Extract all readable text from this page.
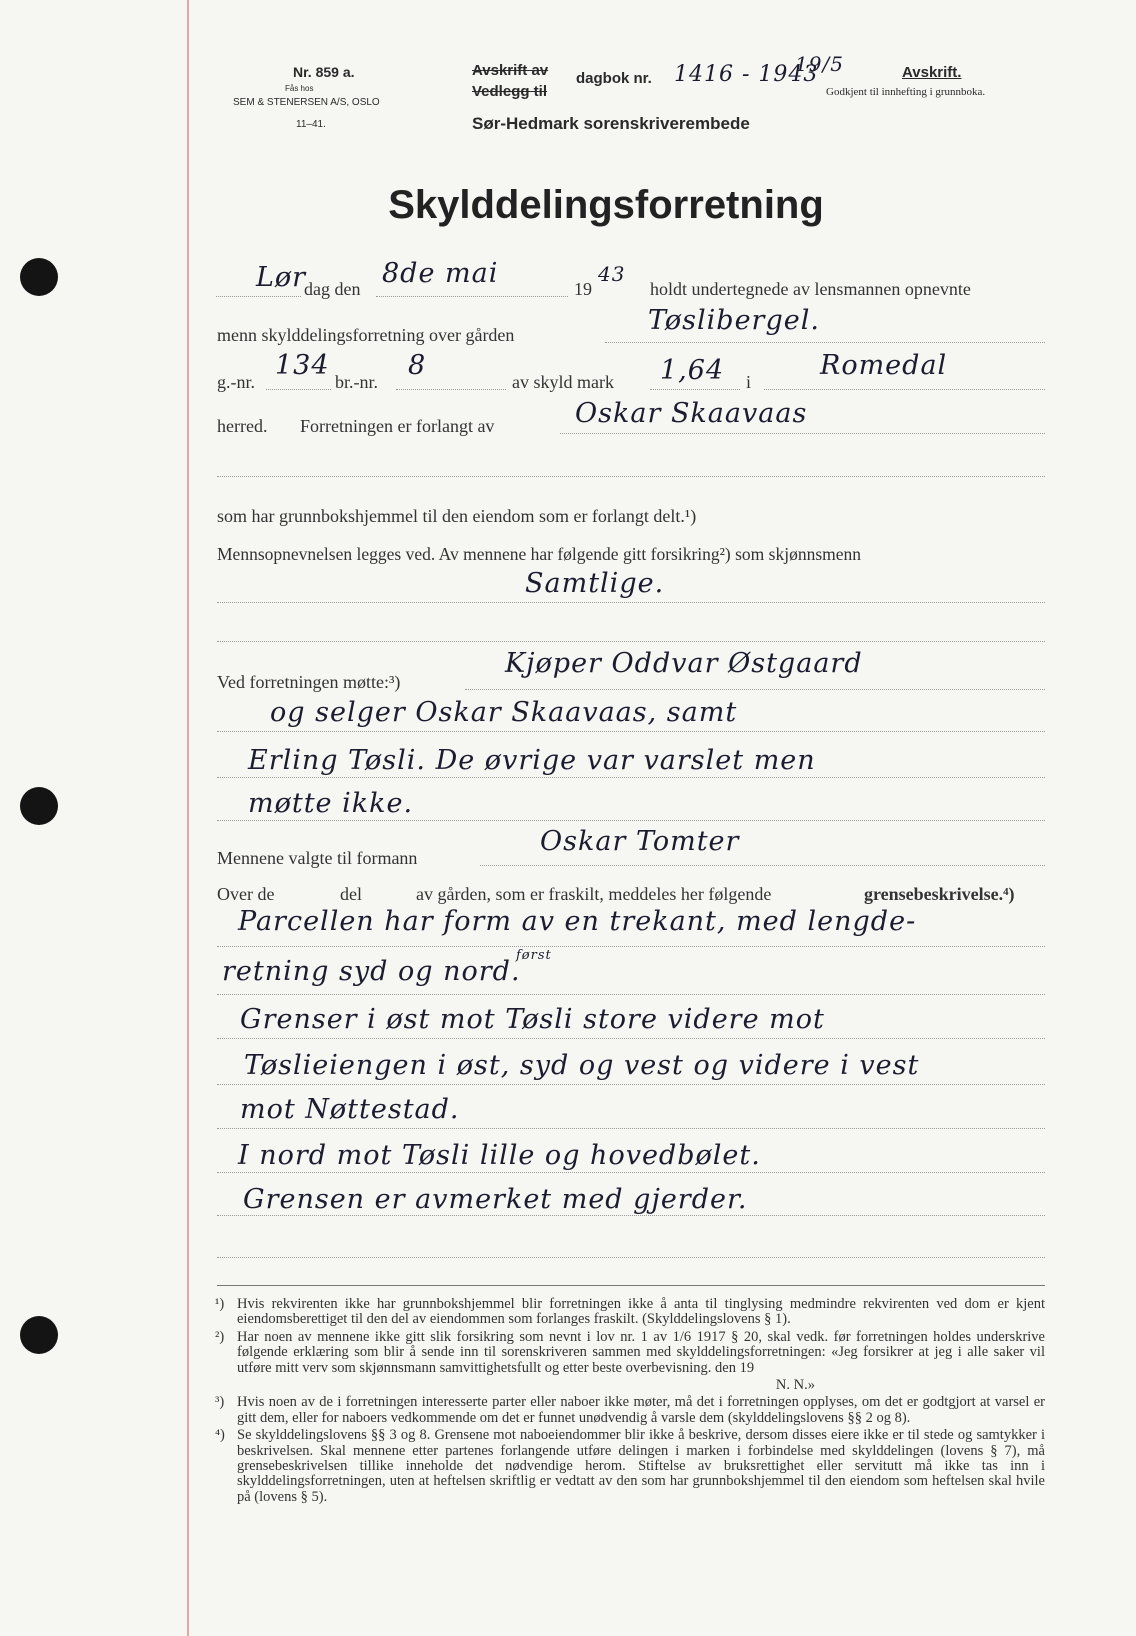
Nr. 859 a.
Fås hos
SEM & STENERSEN A/S, OSLO
11–41.
Avskrift av
Vedlegg til
dagbok nr. 1416 - 1943
19/5
Sør-Hedmark sorenskriverembede
Avskrift.
Godkjent til innhefting i grunnboka.
Skylddelingsforretning
Lør
dag den 8de mai	19
43
holdt undertegnede av lensmannen opnevnte
menn skylddelingsforretning over gården	Tøslibergel.
g.-nr.
134
br.-nr.
8
av skyld mark 1,64 i
Romedal
herred. Forretningen er forlangt av	Oskar Skaavaas
som har grunnbokshjemmel til den eiendom som er forlangt delt.¹)
Mennsopnevnelsen legges ved. Av mennene har følgende gitt forsikring²) som skjønnsmenn
Samtlige.
Kjøper Oddvar Østgaard
Ved forretningen møtte:³)
og selger Oskar Skaavaas, samt
Erling Tøsli. De øvrige var varslet men
møtte ikke.
Mennene valgte til formann
Oskar Tomter
Over de	del	av gården, som er fraskilt, meddeles her følgende	grensebeskrivelse.⁴)
Parcellen har form av en trekant, med lengde-
retning syd og nord.
først
Grenser i øst mot Tøsli store videre mot
Tøslieiengen i øst, syd og vest og videre i vest
mot Nøttestad.
I nord mot Tøsli lille og hovedbølet.
Grensen er avmerket med gjerder.
¹) Hvis rekvirenten ikke har grunnbokshjemmel blir forretningen ikke å anta til tinglysing medmindre rekvirenten ved dom er kjent eiendomsberettiget til den del av eiendommen som forlanges fraskilt. (Skylddelingslovens § 1).
²) Har noen av mennene ikke gitt slik forsikring som nevnt i lov nr. 1 av 1/6 1917 § 20, skal vedk. før forretningen holdes underskrive følgende erklæring som blir å sende inn til sorenskriveren sammen med skylddelingsforretningen: «Jeg forsikrer at jeg i alle saker vil utføre mitt verv som skjønnsmann samvittighetsfullt og etter beste overbevisning. den 19
N. N.»
³) Hvis noen av de i forretningen interesserte parter eller naboer ikke møter, må det i forretningen opplyses, om det er godtgjort at varsel er gitt dem, eller for naboers vedkommende om det er funnet unødvendig å varsle dem (skylddelingslovens §§ 2 og 8).
⁴) Se skylddelingslovens §§ 3 og 8. Grensene mot naboeiendommer blir ikke å beskrive, dersom disses eiere ikke er til stede og samtykker i beskrivelsen. Skal mennene etter partenes forlangende utføre delingen i marken i forbindelse med skylddelingen (lovens § 7), må grensebeskrivelsen tillike inneholde det nødvendige herom. Stiftelse av bruksrettighet eller servitutt må ikke tas inn i skylddelingsforretningen, uten at heftelsen skriftlig er vedtatt av den som har grunnbokshjemmel til den eiendom som heftelsen skal hvile på (lovens § 5).
